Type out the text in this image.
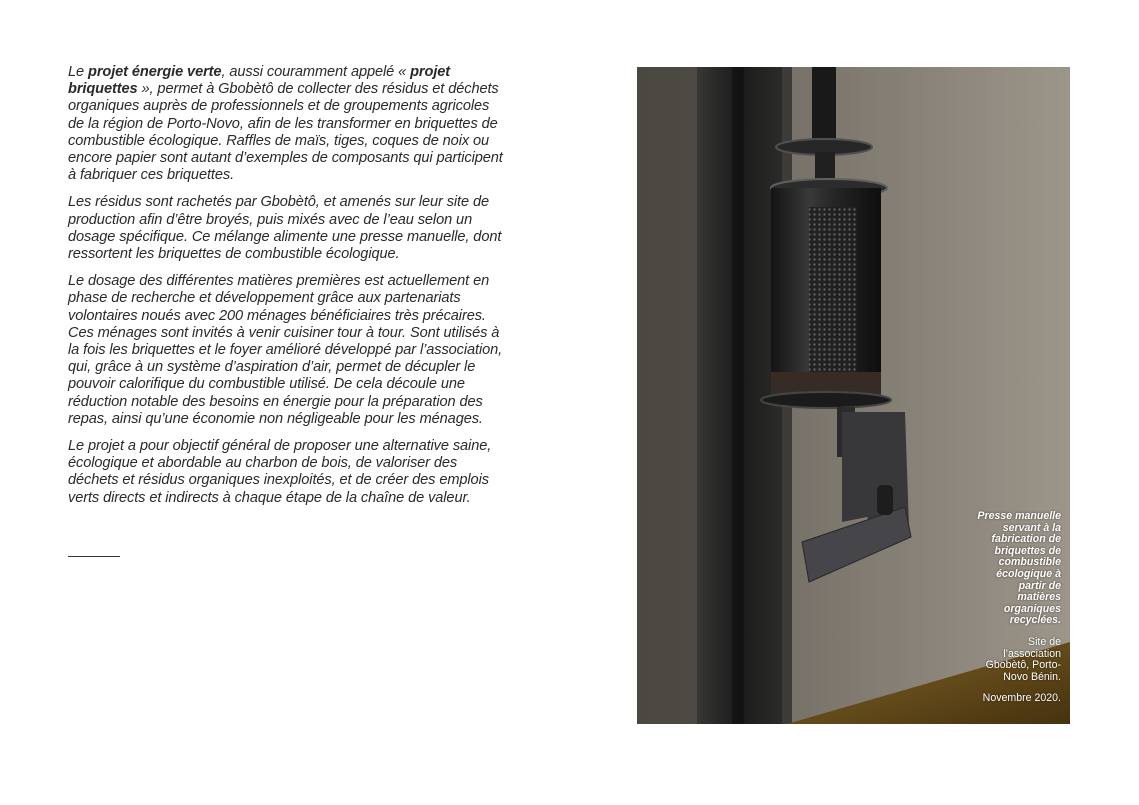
Le projet énergie verte, aussi couramment appelé « projet briquettes », permet à Gbobètô de collecter des résidus et déchets organiques auprès de professionnels et de groupements agricoles de la région de Porto-Novo, afin de les transformer en briquettes de combustible écologique. Raffles de maïs, tiges, coques de noix ou encore papier sont autant d’exemples de composants qui participent à fabriquer ces briquettes.

Les résidus sont rachetés par Gbobètô, et amenés sur leur site de production afin d’être broyés, puis mixés avec de l’eau selon un dosage spécifique. Ce mélange alimente une presse manuelle, dont ressortent les briquettes de combustible écologique.

Le dosage des différentes matières premières est actuellement en phase de recherche et développement grâce aux partenariats volontaires noués avec 200 ménages bénéficiaires très précaires. Ces ménages sont invités à venir cuisiner tour à tour. Sont utilisés à la fois les briquettes et le foyer amélioré développé par l’association, qui, grâce à un système d’aspiration d’air, permet de décupler le pouvoir calorifique du combustible utilisé. De cela découle une réduction notable des besoins en énergie pour la préparation des repas, ainsi qu’une économie non négligeable pour les ménages.

Le projet a pour objectif général de proposer une alternative saine, écologique et abordable au charbon de bois, de valoriser des déchets et résidus organiques inexploités, et de créer des emplois verts directs et indirects à chaque étape de la chaîne de valeur.

Presse manuelle servant à la fabrication de briquettes de combustible écologique à partir de matières organiques recyclées.
Site de l’association Gbobètô, Porto-Novo Bénin.
Novembre 2020.
